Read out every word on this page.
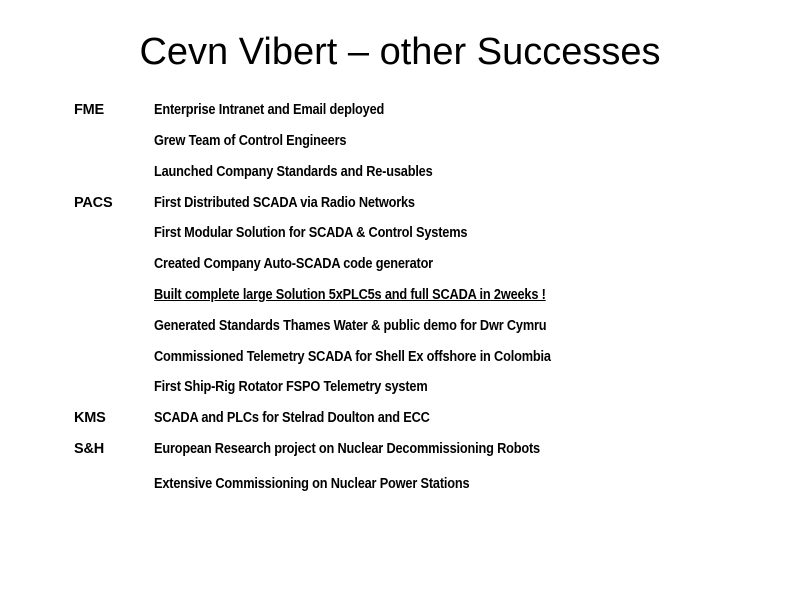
Cevn Vibert – other Successes
FME	Enterprise Intranet and Email deployed
Grew Team of Control Engineers
Launched Company Standards and Re-usables
PACS	First Distributed SCADA via Radio Networks
First Modular Solution for SCADA & Control Systems
Created Company Auto-SCADA code generator
Built complete large Solution 5xPLC5s and full SCADA in 2weeks !
Generated Standards Thames Water & public demo for Dwr Cymru
Commissioned Telemetry SCADA for Shell Ex offshore in Colombia
First Ship-Rig Rotator FSPO Telemetry system
KMS	SCADA and PLCs for Stelrad Doulton and ECC
S&H	European Research project on Nuclear Decommissioning Robots
Extensive Commissioning on Nuclear Power Stations
